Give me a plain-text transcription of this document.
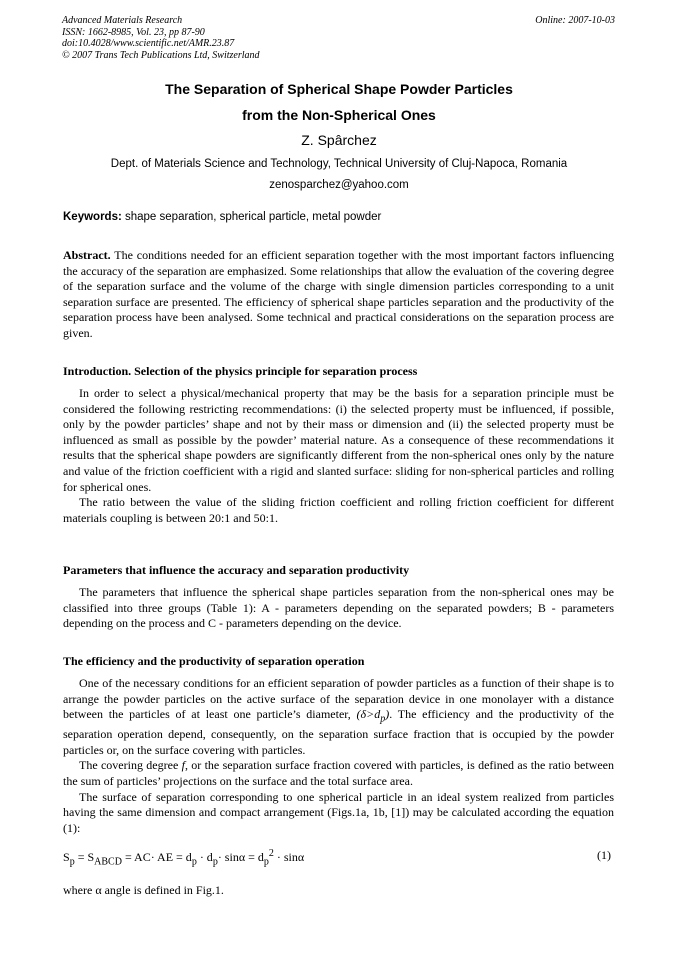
Advanced Materials Research
ISSN: 1662-8985, Vol. 23, pp 87-90
doi:10.4028/www.scientific.net/AMR.23.87
© 2007 Trans Tech Publications Ltd, Switzerland
Online: 2007-10-03
The Separation of Spherical Shape Powder Particles
from the Non-Spherical Ones
Z. Spârchez
Dept. of Materials Science and Technology, Technical University of Cluj-Napoca, Romania
zenosparchez@yahoo.com
Keywords: shape separation, spherical particle, metal powder

Abstract. The conditions needed for an efficient separation together with the most important factors influencing the accuracy of the separation are emphasized. Some relationships that allow the evaluation of the covering degree of the separation surface and the volume of the charge with single dimension particles corresponding to a unit separation surface are presented. The efficiency of spherical shape particles separation and the productivity of the separation process have been analysed. Some technical and practical considerations on the separation process are given.

Introduction. Selection of the physics principle for separation process

In order to select a physical/mechanical property that may be the basis for a separation principle must be considered the following restricting recommendations: (i) the selected property must be influenced, if possible, only by the powder particles’ shape and not by their mass or dimension and (ii) the selected property must be influenced as small as possible by the powder’ material nature. As a consequence of these recommendations it results that the spherical shape powders are significantly different from the non-spherical ones only by the nature and value of the friction coefficient with a rigid and slanted surface: sliding for non-spherical particles and rolling for spherical ones.

The ratio between the value of the sliding friction coefficient and rolling friction coefficient for different materials coupling is between 20:1 and 50:1.

Parameters that influence the accuracy and separation productivity

The parameters that influence the spherical shape particles separation from the non-spherical ones may be classified into three groups (Table 1): A - parameters depending on the separated powders; B - parameters depending on the process and C - parameters depending on the device.

The efficiency and the productivity of separation operation

One of the necessary conditions for an efficient separation of powder particles as a function of their shape is to arrange the powder particles on the active surface of the separation device in one monolayer with a distance between the particles of at least one particle’s diameter, $(\delta>d_p)$. The efficiency and the productivity of the separation operation depend, consequently, on the separation surface fraction that is occupied by the powder particles or, on the surface covering with particles.

The covering degree f, or the separation surface fraction covered with particles, is defined as the ratio between the sum of particles’ projections on the surface and the total surface area.

The surface of separation corresponding to one spherical particle in an ideal system realized from particles having the same dimension and compact arrangement (Figs.1a, 1b, [1]) may be calculated according the equation (1):

$S_p = S_{ABCD} = AC\cdot$ AE = $d_p \cdot d_p\cdot \sin\alpha = d_p^2 \cdot \sin\alpha$	(1)

where α angle is defined in Fig.1.
